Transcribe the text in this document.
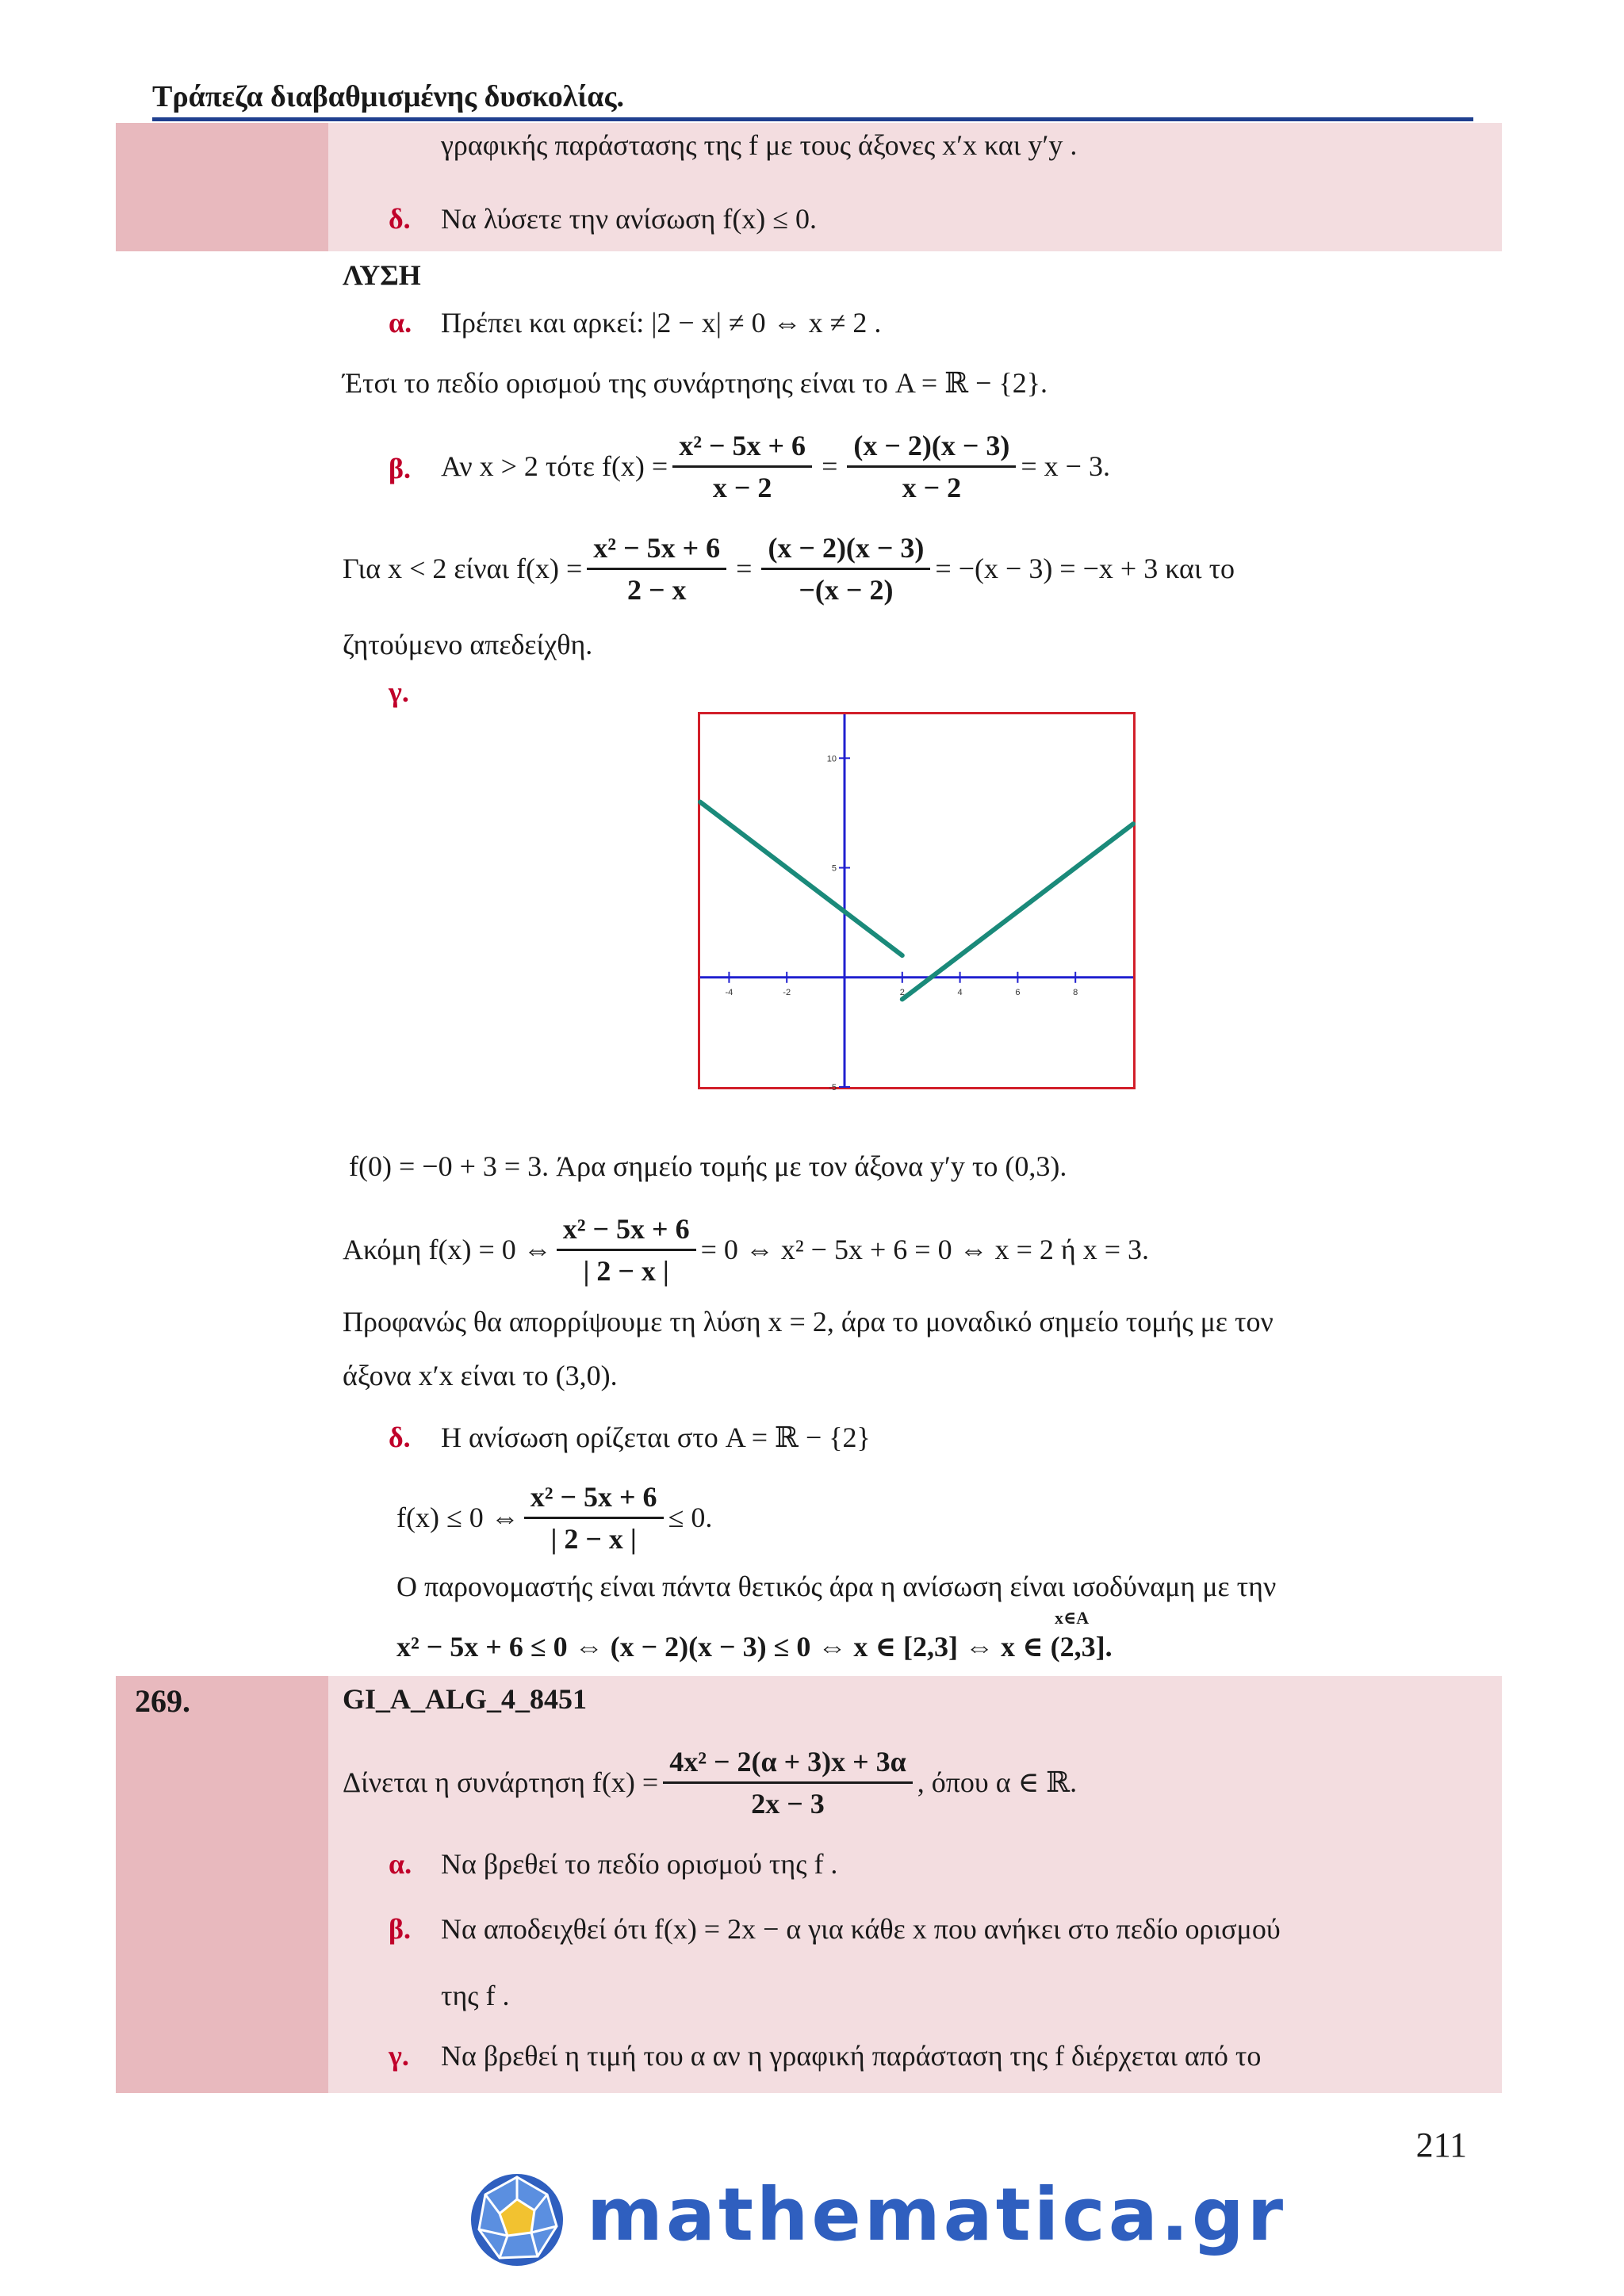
Τράπεζα διαβαθμισμένης δυσκολίας.
γραφικής παράστασης της f με τους άξονες x′x και y′y .
δ. Να λύσετε την ανίσωση f(x) ≤ 0.
ΛΥΣΗ
α. Πρέπει και αρκεί: |2 − x| ≠ 0 ⇔ x ≠ 2 .
Έτσι το πεδίο ορισμού της συνάρτησης είναι το A = ℝ − {2}.
β. Αν x > 2 τότε $f(x) = \frac{\text{x² − 5x + 6}}{x - 2} = \frac{(x - 2)(x - 3)}{x - 2} = x - 3$.
Για x < 2 είναι $f(x) = \frac{\text{x² − 5x + 6}}{2 - x} = \frac{(x - 2)(x - 3)}{-(x - 2)} = -(x - 3) = -x + 3$ και το
ζητούμενο απεδείχθη.
γ.
-4	-2	2	4	6	8
10
5
-5
f(0) = −0 + 3 = 3. Άρα σημείο τομής με τον άξονα y′y το (0,3).
Ακόμη f(x) = 0 ⇔ $\frac{\text{x² − 5x + 6}}{| 2 - x |} = 0$ ⇔ x² − 5x + 6 = 0 ⇔ x = 2 ή x = 3.
Προφανώς θα απορρίψουμε τη λύση x = 2, άρα το μοναδικό σημείο τομής με τον
άξονα x′x είναι το (3,0).
δ. Η ανίσωση ορίζεται στο A = ℝ − {2}
f(x) ≤ 0 ⇔ $\frac{\text{x² − 5x + 6}}{| 2 - x |} \le 0$.
Ο παρονομαστής είναι πάντα θετικός άρα η ανίσωση είναι ισοδύναμη με την
x∈A
x² − 5x + 6 ≤ 0 ⇔ (x − 2)(x − 3) ≤ 0 ⇔ x ∈ [2,3] ⇔ x ∈ (2,3].
269.	GI_A_ALG_4_8451
Δίνεται η συνάρτηση $f(x) = \frac{\text{4x² − 2(α + 3)x + 3α}}{2x - 3}$ , όπου α ∈ ℝ.
α. Να βρεθεί το πεδίο ορισμού της f .
β. Να αποδειχθεί ότι f(x) = 2x − α για κάθε x που ανήκει στο πεδίο ορισμού
της f .
γ. Να βρεθεί η τιμή του α αν η γραφική παράσταση της f διέρχεται από το
211
mathematica.gr
